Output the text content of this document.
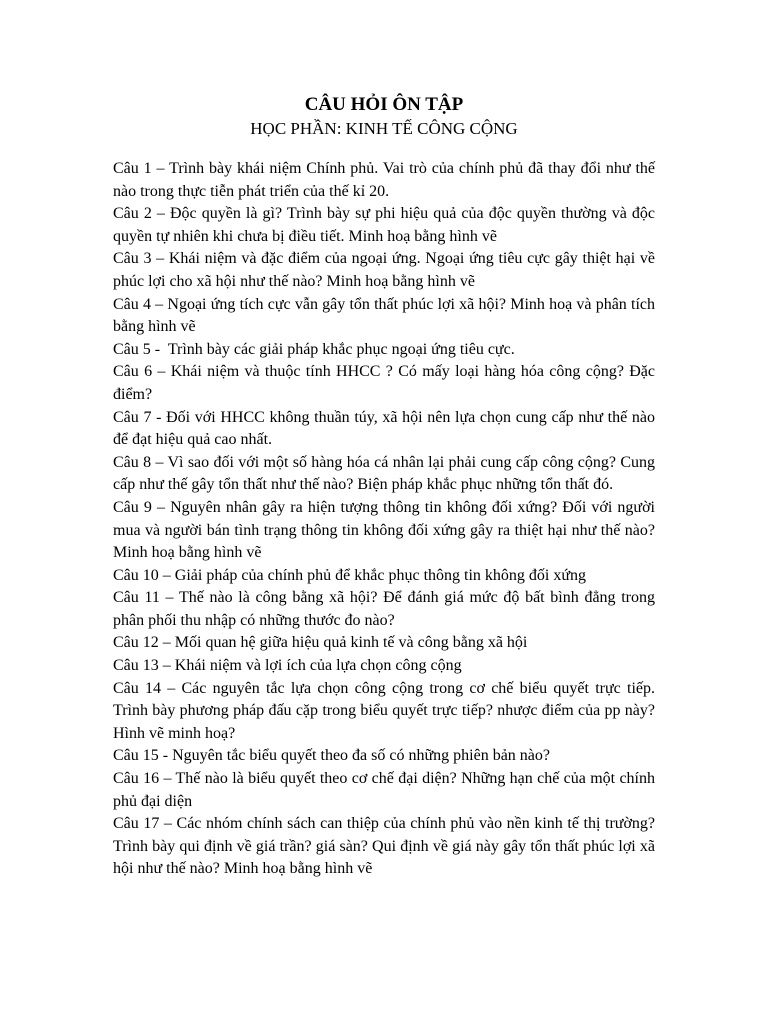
CÂU HỎI ÔN TẬP
HỌC PHẦN: KINH TẾ CÔNG CỘNG

Câu 1 – Trình bày khái niệm Chính phủ. Vai trò của chính phủ đã thay đổi như thế nào trong thực tiễn phát triển của thế kỉ 20.

Câu 2 – Độc quyền là gì? Trình bày sự phi hiệu quả của độc quyền thường và độc quyền tự nhiên khi chưa bị điều tiết. Minh hoạ bằng hình vẽ

Câu 3 – Khái niệm và đặc điểm của ngoại ứng. Ngoại ứng tiêu cực gây thiệt hại về phúc lợi cho xã hội như thế nào? Minh hoạ bằng hình vẽ

Câu 4 – Ngoại ứng tích cực vẫn gây tổn thất phúc lợi xã hội? Minh hoạ và phân tích bằng hình vẽ

Câu 5 -  Trình bày các giải pháp khắc phục ngoại ứng tiêu cực.

Câu 6 – Khái niệm và thuộc tính HHCC ? Có mấy loại hàng hóa công cộng? Đặc điểm?

Câu 7 - Đối với HHCC không thuần túy, xã hội nên lựa chọn cung cấp như thế nào để đạt hiệu quả cao nhất.

Câu 8 – Vì sao đối với một số hàng hóa cá nhân lại phải cung cấp công cộng? Cung cấp như thế gây tổn thất như thế nào? Biện pháp khắc phục những tổn thất đó.

Câu 9 – Nguyên nhân gây ra hiện tượng thông tin không đối xứng? Đối với người mua và người bán tình trạng thông tin không đối xứng gây ra thiệt hại như thế nào? Minh hoạ bằng hình vẽ

Câu 10 – Giải pháp của chính phủ để khắc phục thông tin không đối xứng

Câu 11 – Thế nào là công bằng xã hội? Để đánh giá mức độ bất bình đẳng trong phân phối thu nhập có những thước đo nào?

Câu 12 – Mối quan hệ giữa hiệu quả kinh tế và công bằng xã hội

Câu 13 – Khái niệm và lợi ích của lựa chọn công cộng

Câu 14 – Các nguyên tắc lựa chọn công cộng trong cơ chế biểu quyết trực tiếp. Trình bày phương pháp đấu cặp trong biểu quyết trực tiếp? nhược điểm của pp này? Hình vẽ minh hoạ?

Câu 15 - Nguyên tắc biểu quyết theo đa số có những phiên bản nào?

Câu 16 – Thế nào là biểu quyết theo cơ chế đại diện? Những hạn chế của một chính phủ đại diện

Câu 17 – Các nhóm chính sách can thiệp của chính phủ vào nền kinh tế thị trường? Trình bày qui định về giá trần? giá sàn? Qui định về giá này gây tổn thất phúc lợi xã hội như thế nào? Minh hoạ bằng hình vẽ
